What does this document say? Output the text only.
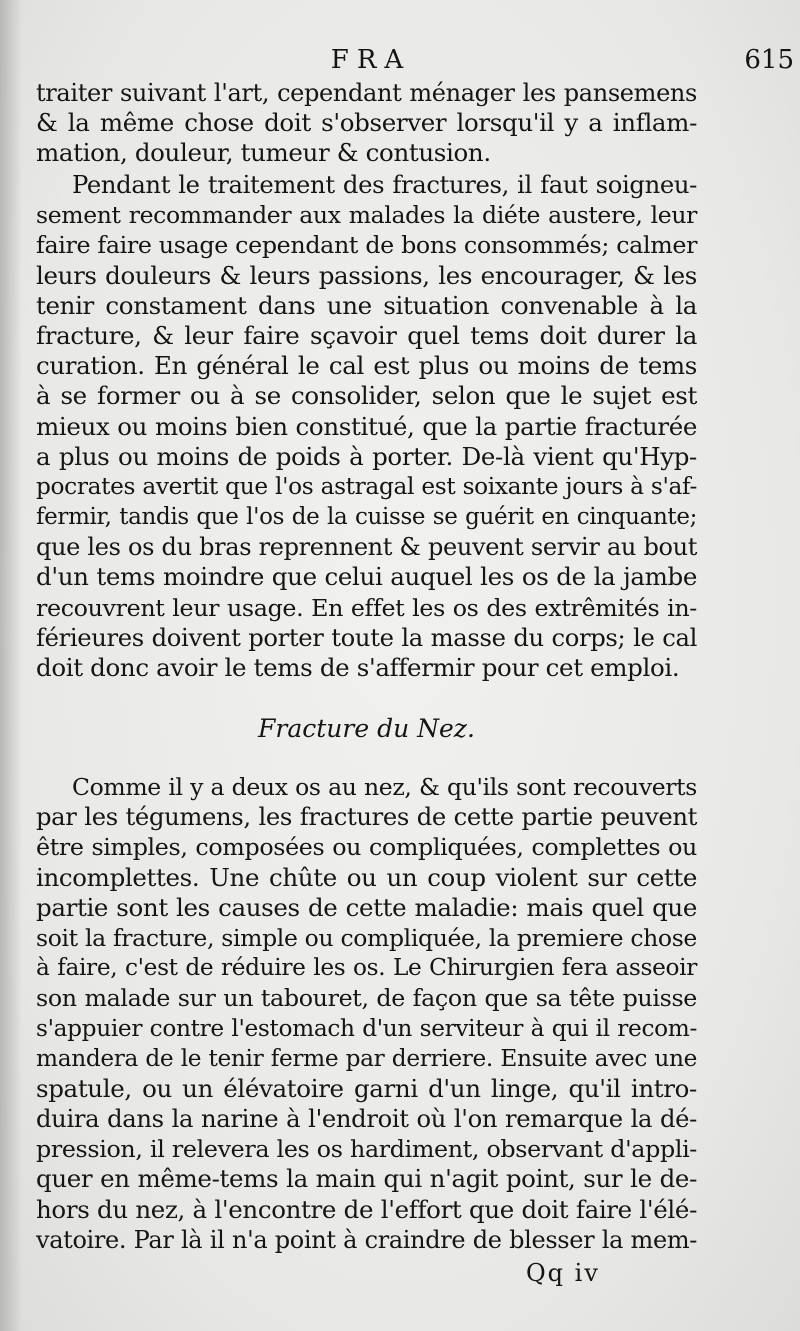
FRA	615
traiter suivant l'art, cependant ménager les pansemens
& la même chose doit s'observer lorsqu'il y a inflam-
mation, douleur, tumeur & contusion.
Pendant le traitement des fractures, il faut soigneu-
sement recommander aux malades la diéte austere, leur
faire faire usage cependant de bons consommés; calmer
leurs douleurs & leurs passions, les encourager, & les
tenir constament dans une situation convenable à la
fracture, & leur faire sçavoir quel tems doit durer la
curation. En général le cal est plus ou moins de tems
à se former ou à se consolider, selon que le sujet est
mieux ou moins bien constitué, que la partie fracturée
a plus ou moins de poids à porter. De-là vient qu'Hyp-
pocrates avertit que l'os astragal est soixante jours à s'af-
fermir, tandis que l'os de la cuisse se guérit en cinquante;
que les os du bras reprennent & peuvent servir au bout
d'un tems moindre que celui auquel les os de la jambe
recouvrent leur usage. En effet les os des extrêmités in-
férieures doivent porter toute la masse du corps; le cal
doit donc avoir le tems de s'affermir pour cet emploi.
Fracture du Nez.
Comme il y a deux os au nez, & qu'ils sont recouverts
par les tégumens, les fractures de cette partie peuvent
être simples, composées ou compliquées, complettes ou
incomplettes. Une chûte ou un coup violent sur cette
partie sont les causes de cette maladie: mais quel que
soit la fracture, simple ou compliquée, la premiere chose
à faire, c'est de réduire les os. Le Chirurgien fera asseoir
son malade sur un tabouret, de façon que sa tête puisse
s'appuier contre l'estomach d'un serviteur à qui il recom-
mandera de le tenir ferme par derriere. Ensuite avec une
spatule, ou un élévatoire garni d'un linge, qu'il intro-
duira dans la narine à l'endroit où l'on remarque la dé-
pression, il relevera les os hardiment, observant d'appli-
quer en même-tems la main qui n'agit point, sur le de-
hors du nez, à l'encontre de l'effort que doit faire l'élé-
vatoire. Par là il n'a point à craindre de blesser la mem-
Qq iv
